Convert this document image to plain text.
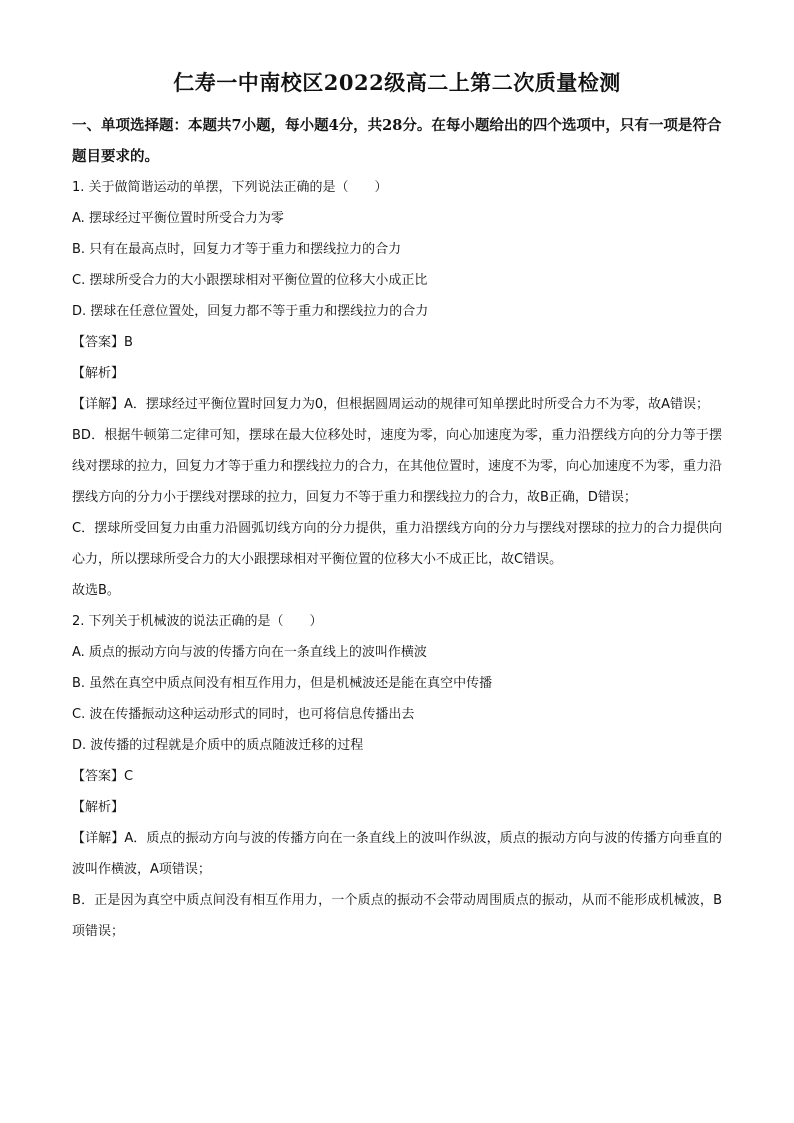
仁寿一中南校区2022级高二上第二次质量检测

一、单项选择题：本题共7小题，每小题4分，共28分。在每小题给出的四个选项中，只有一项是符合题目要求的。

1. 关于做简谐运动的单摆，下列说法正确的是（　　）

A. 摆球经过平衡位置时所受合力为零

B. 只有在最高点时，回复力才等于重力和摆线拉力的合力

C. 摆球所受合力的大小跟摆球相对平衡位置的位移大小成正比

D. 摆球在任意位置处，回复力都不等于重力和摆线拉力的合力

【答案】B

【解析】

【详解】A．摆球经过平衡位置时回复力为0，但根据圆周运动的规律可知单摆此时所受合力不为零，故A错误；

BD．根据牛顿第二定律可知，摆球在最大位移处时，速度为零，向心加速度为零，重力沿摆线方向的分力等于摆线对摆球的拉力，回复力才等于重力和摆线拉力的合力，在其他位置时，速度不为零，向心加速度不为零，重力沿摆线方向的分力小于摆线对摆球的拉力，回复力不等于重力和摆线拉力的合力，故B正确，D错误；

C．摆球所受回复力由重力沿圆弧切线方向的分力提供，重力沿摆线方向的分力与摆线对摆球的拉力的合力提供向心力，所以摆球所受合力的大小跟摆球相对平衡位置的位移大小不成正比，故C错误。

故选B。

2. 下列关于机械波的说法正确的是（　　）

A. 质点的振动方向与波的传播方向在一条直线上的波叫作横波

B. 虽然在真空中质点间没有相互作用力，但是机械波还是能在真空中传播

C. 波在传播振动这种运动形式的同时，也可将信息传播出去

D. 波传播的过程就是介质中的质点随波迁移的过程

【答案】C

【解析】

【详解】A．质点的振动方向与波的传播方向在一条直线上的波叫作纵波，质点的振动方向与波的传播方向垂直的波叫作横波，A项错误；

B．正是因为真空中质点间没有相互作用力，一个质点的振动不会带动周围质点的振动，从而不能形成机械波，B项错误；
